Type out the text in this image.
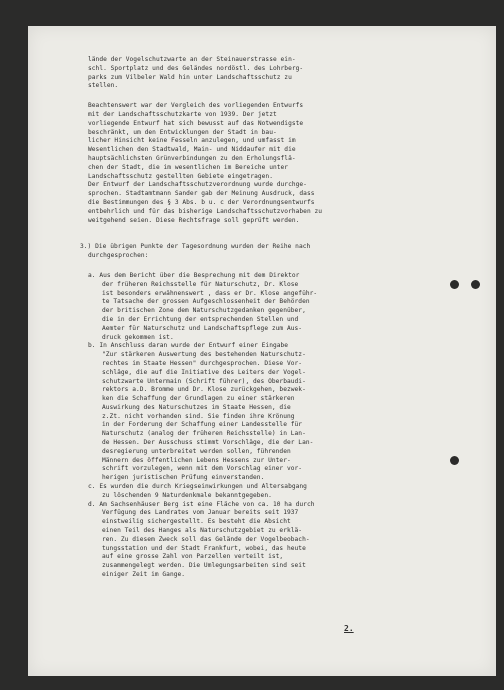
lände der Vogelschutzwarte an der Steinauerstrasse ein-
schl. Sportplatz und des Geländes nordöstl. des Lohrberg-
parks zum Vilbeler Wald hin unter Landschaftsschutz zu
stellen.
Beachtenswert war der Vergleich des vorliegenden Entwurfs
mit der Landschaftsschutzkarte von 1939. Der jetzt
vorliegende Entwurf hat sich bewusst auf das Notwendigste
beschränkt, um den Entwicklungen der Stadt in bau-
licher Hinsicht keine Fesseln anzulegen, und umfasst im
Wesentlichen den Stadtwald, Main- und Niddaufer mit die
hauptsächlichsten Grünverbindungen zu den Erholungsflä-
chen der Stadt, die im wesentlichen im Bereiche unter
Landschaftsschutz gestellten Gebiete eingetragen.
Der Entwurf der Landschaftsschutzverordnung wurde durchge-
sprochen. Stadtamtmann Sander gab der Meinung Ausdruck, dass
die Bestimmungen des § 3 Abs. b u. c der Verordnungsentwurfs
entbehrlich und für das bisherige Landschaftsschutzvorhaben zu
weitgehend seien. Diese Rechtsfrage soll geprüft werden.
3.) Die übrigen Punkte der Tagesordnung wurden der Reihe nach
durchgesprochen:
a. Aus dem Bericht über die Besprechung mit dem Direktor
der früheren Reichsstelle für Naturschutz, Dr. Klose
ist besonders erwähnenswert , dass er Dr. Klose angeführ-
te Tatsache der grossen Aufgeschlossenheit der Behörden
der britischen Zone dem Naturschutzgedanken gegenüber,
die in der Errichtung der entsprechenden Stellen und
Aemter für Naturschutz und Landschaftspflege zum Aus-
druck gekommen ist.
b. In Anschluss daran wurde der Entwurf einer Eingabe
"Zur stärkeren Auswertung des bestehenden Naturschutz-
rechtes im Staate Hessen" durchgesprochen. Diese Vor-
schläge, die auf die Initiative des Leiters der Vogel-
schutzwarte Untermain (Schrift führer), des Oberbaudi-
rektors a.D. Bromme und Dr. Klose zurückgehen, bezwek-
ken die Schaffung der Grundlagen zu einer stärkeren
Auswirkung des Naturschutzes im Staate Hessen, die
z.Zt. nicht vorhanden sind. Sie finden ihre Krönung
in der Forderung der Schaffung einer Landesstelle für
Naturschutz (analog der früheren Reichsstelle) in Lan-
de Hessen. Der Ausschuss stimmt Vorschläge, die der Lan-
desregierung unterbreitet werden sollen, führenden
Männern des öffentlichen Lebens Hessens zur Unter-
schrift vorzulegen, wenn mit dem Vorschlag einer vor-
herigen juristischen Prüfung einverstanden.
c. Es wurden die durch Kriegseinwirkungen und Altersabgang
zu löschenden 9 Naturdenkmale bekanntgegeben.
d. Am Sachsenhäuser Berg ist eine Fläche von ca. 10 ha durch
Verfügung des Landrates vom Januar bereits seit 1937
einstweilig sichergestellt. Es besteht die Absicht
einen Teil des Hanges als Naturschutzgebiet zu erklä-
ren. Zu diesem Zweck soll das Gelände der Vogelbeobach-
tungsstation und der Stadt Frankfurt, wobei, das heute
auf eine grosse Zahl von Parzellen verteilt ist,
zusammengelegt werden. Die Umlegungsarbeiten sind seit
einiger Zeit im Gange.
2.
